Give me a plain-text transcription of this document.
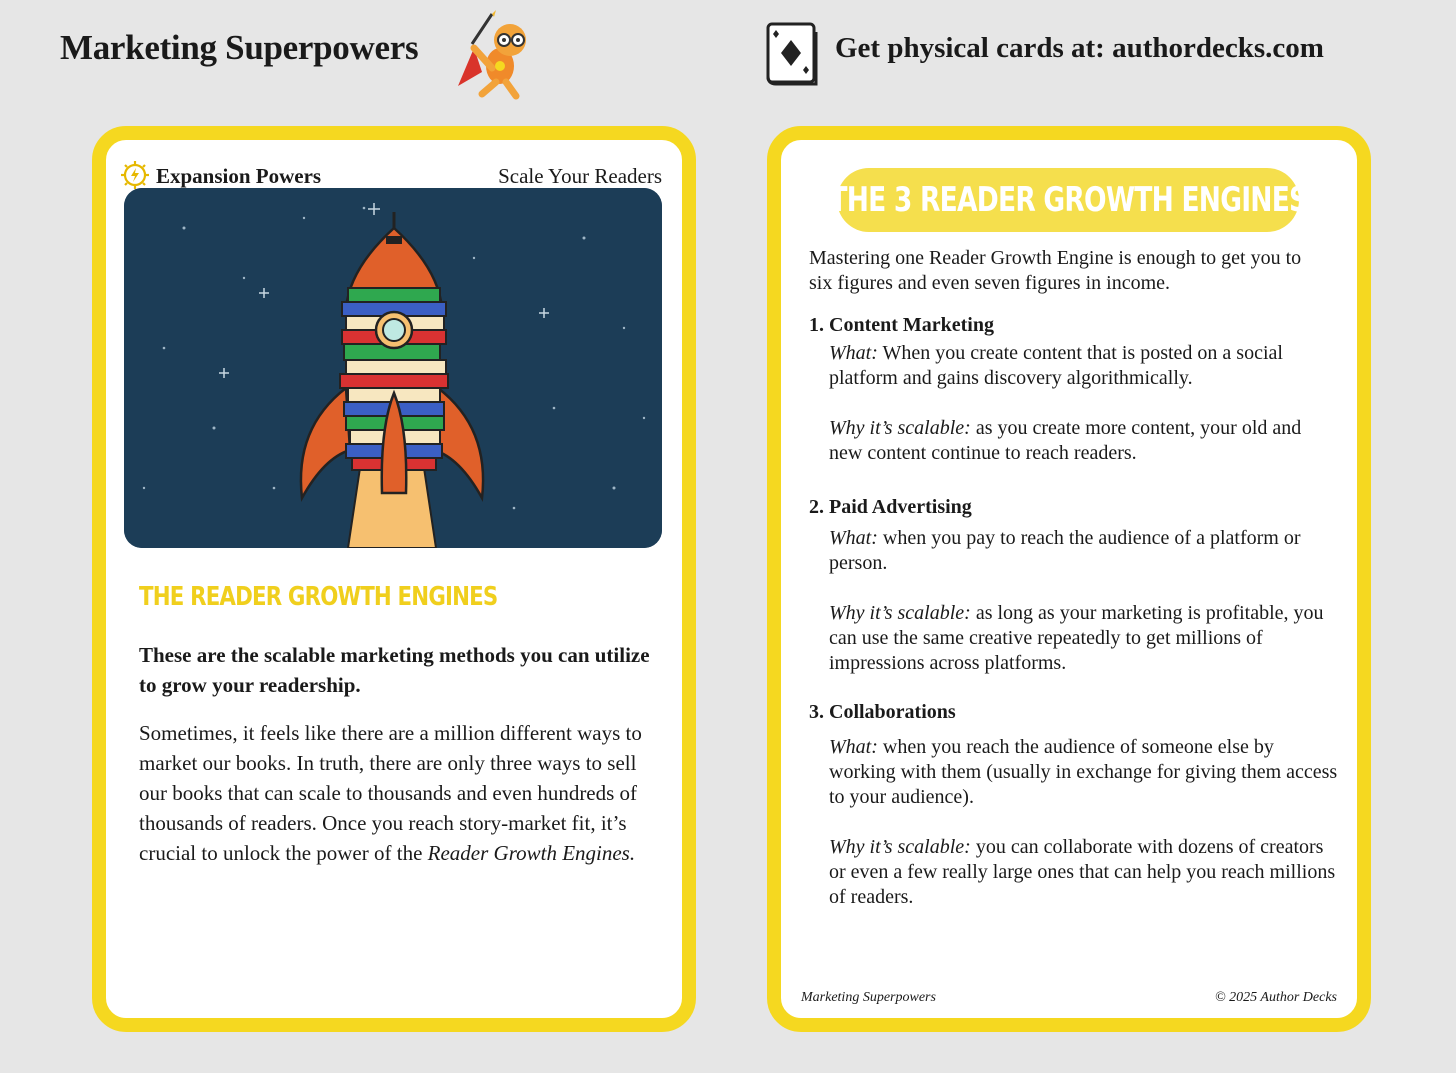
Marketing Superpowers	Get physical cards at: authordecks.com
Expansion Powers	Scale Your Readers
THE READER GROWTH ENGINES

These are the scalable marketing methods you can utilize to grow your readership.

Sometimes, it feels like there are a million different ways to market our books. In truth, there are only three ways to sell our books that can scale to thousands and even hundreds of thousands of readers. Once you reach story-market fit, it’s crucial to unlock the power of the Reader Growth Engines.

THE 3 READER GROWTH ENGINES

Mastering one Reader Growth Engine is enough to get you to six figures and even seven figures in income.

1. Content Marketing

What: When you create content that is posted on a social platform and gains discovery algorithmically.

Why it’s scalable: as you create more content, your old and new content continue to reach readers.

2. Paid Advertising

What: when you pay to reach the audience of a platform or person.

Why it’s scalable: as long as your marketing is profitable, you can use the same creative repeatedly to get millions of impressions across platforms.

3. Collaborations

What: when you reach the audience of someone else by working with them (usually in exchange for giving them access to your audience).

Why it’s scalable: you can collaborate with dozens of creators or even a few really large ones that can help you reach millions of readers.

Marketing Superpowers	© 2025 Author Decks
